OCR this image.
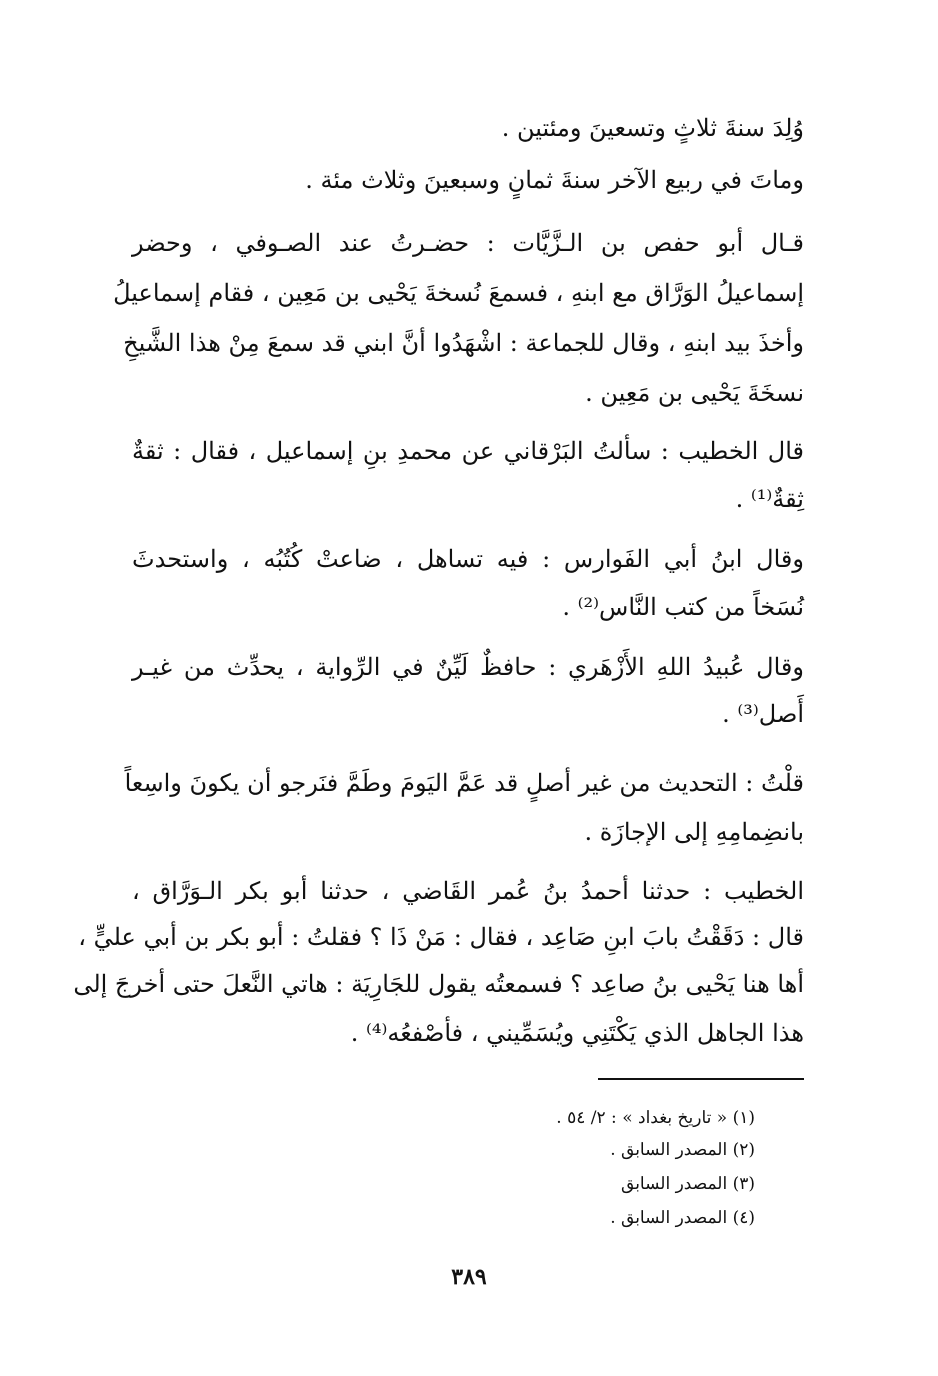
وُلِدَ سنةَ ثلاثٍ وتسعينَ ومئتين .
وماتَ في ربيع الآخر سنةَ ثمانٍ وسبعينَ وثلاث مئة .
قـال أبو حفص بن الـزَّيَّات : حضـرتُ عند الصـوفي ، وحضر
إسماعيلُ الوَرَّاق مع ابنهِ ، فسمعَ نُسخةَ يَحْيى بن مَعِين ، فقام إسماعيلُ
وأخذَ بيد ابنهِ ، وقال للجماعة : اشْهَدُوا أنَّ ابني قد سمعَ مِنْ هذا الشَّيخِ
نسخَةَ يَحْيى بن مَعِين .
قال الخطيب : سألتُ البَرْقاني عن محمدِ بنِ إسماعيل ، فقال : ثقةٌ
ثِقةٌ⁽¹⁾ .
وقال ابنُ أبي الفَوارس : فيه تساهل ، ضاعتْ كُتُبُه ، واستحدثَ
نُسَخاً من كتب النَّاس⁽²⁾ .
وقال عُبيدُ اللهِ الأَزْهَري : حافظٌ لَيِّنٌ في الرِّواية ، يحدِّث من غيـر
أَصل⁽³⁾ .
قلْتُ : التحديث من غير أصلٍ قد عَمَّ اليَومَ وطَمَّ فنَرجو أن يكونَ واسِعاً
بانضِمامِهِ إلى الإجازَة .
الخطيب : حدثنا أحمدُ بنُ عُمر القَاضي ، حدثنا أبو بكر الـوَرَّاق ،
قال : دَقَقْتُ بابَ ابنِ صَاعِد ، فقال : مَنْ ذَا ؟ فقلتُ : أبو بكر بن أبي عليٍّ ،
أها هنا يَحْيى بنُ صاعِد ؟ فسمعتُه يقول للجَارِيَة : هاتي النَّعلَ حتى أخرجَ إلى
هذا الجاهل الذي يَكْتَنِي ويُسَمِّيني ، فأصْفعُه⁽⁴⁾ .
(١) « تاريخ بغداد » : ٢/ ٥٤ .
(٢) المصدر السابق .
(٣) المصدر السابق
(٤) المصدر السابق .
٣٨٩
